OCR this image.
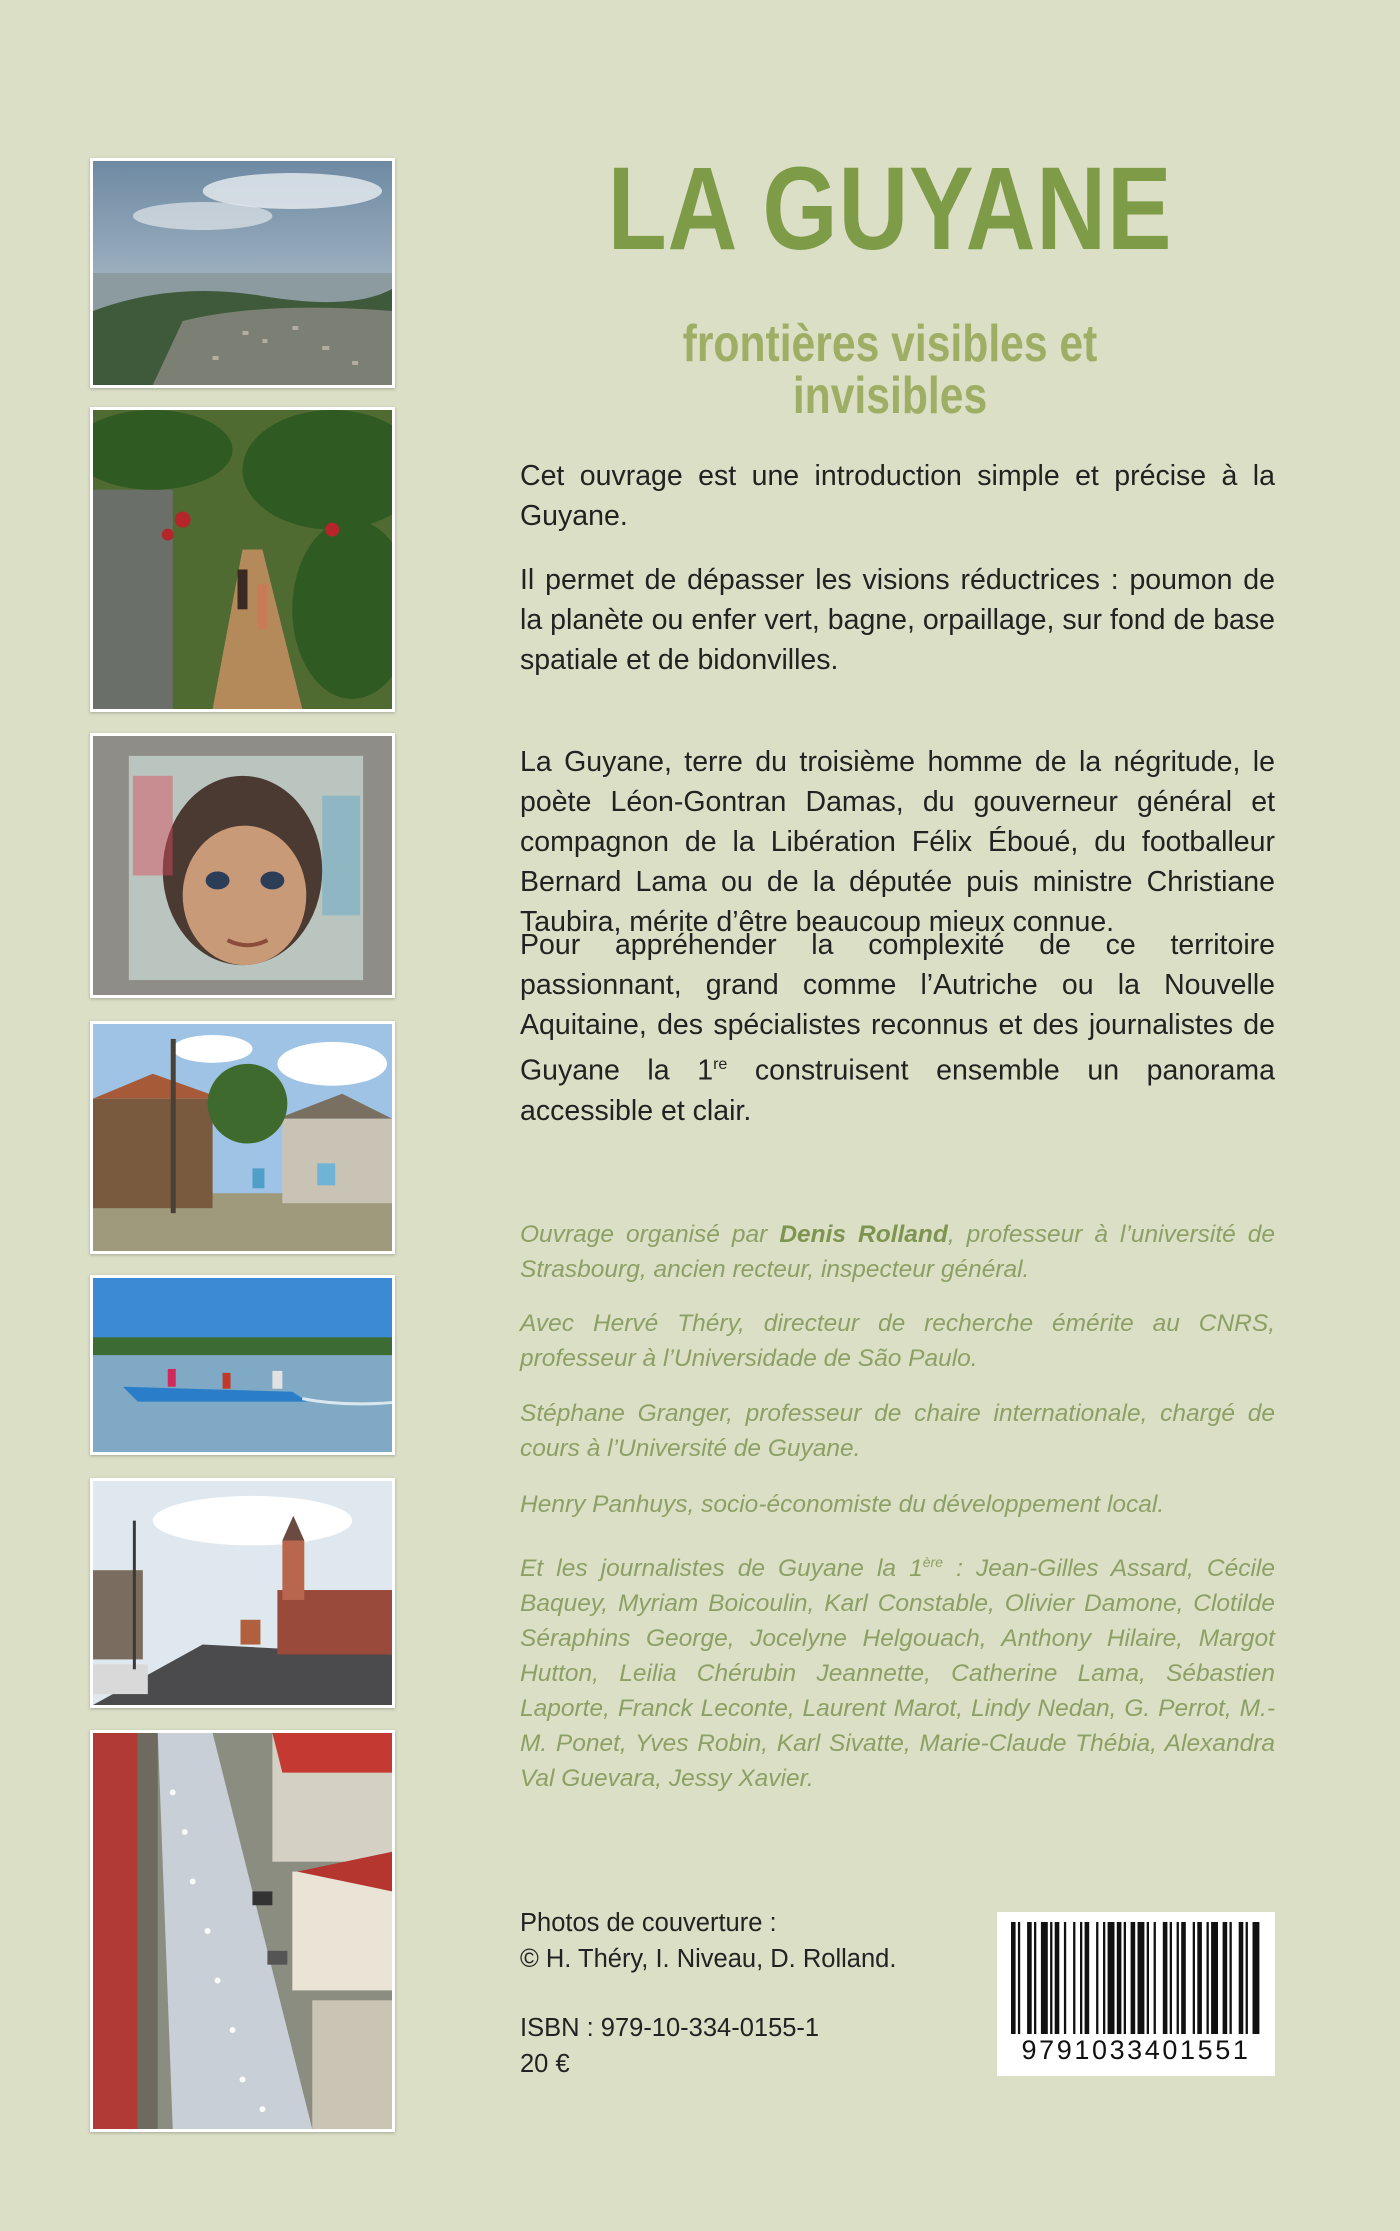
LA GUYANE
frontières visibles et invisibles

Cet ouvrage est une introduction simple et précise à la Guyane.

Il permet de dépasser les visions réductrices : poumon de la planète ou enfer vert, bagne, orpaillage, sur fond de base spatiale et de bidonvilles.

La Guyane, terre du troisième homme de la négritude, le poète Léon-Gontran Damas, du gouverneur général et compagnon de la Libération Félix Éboué, du footballeur Bernard Lama ou de la députée puis ministre Christiane Taubira, mérite d’être beaucoup mieux connue.

Pour appréhender la complexité de ce territoire passionnant, grand comme l’Autriche ou la Nouvelle Aquitaine, des spécialistes reconnus et des journalistes de Guyane la 1re construisent ensemble un panorama accessible et clair.

Ouvrage organisé par Denis Rolland, professeur à l’université de Strasbourg, ancien recteur, inspecteur général.

Avec Hervé Théry, directeur de recherche émérite au CNRS, professeur à l’Universidade de São Paulo.

Stéphane Granger, professeur de chaire internationale, chargé de cours à l’Université de Guyane.

Henry Panhuys, socio-économiste du développement local.

Et les journalistes de Guyane la 1ère : Jean-Gilles Assard, Cécile Baquey, Myriam Boicoulin, Karl Constable, Olivier Damone, Clotilde Séraphins George, Jocelyne Helgouach, Anthony Hilaire, Margot Hutton, Leilia Chérubin Jeannette, Catherine Lama, Sébastien Laporte, Franck Leconte, Laurent Marot, Lindy Nedan, G. Perrot, M.-M. Ponet, Yves Robin, Karl Sivatte, Marie-Claude Thébia, Alexandra Val Guevara, Jessy Xavier.

Photos de couverture :

© H. Théry, I. Niveau, D. Rolland.

ISBN : 979-10-334-0155-1

20 €	9791033401551
